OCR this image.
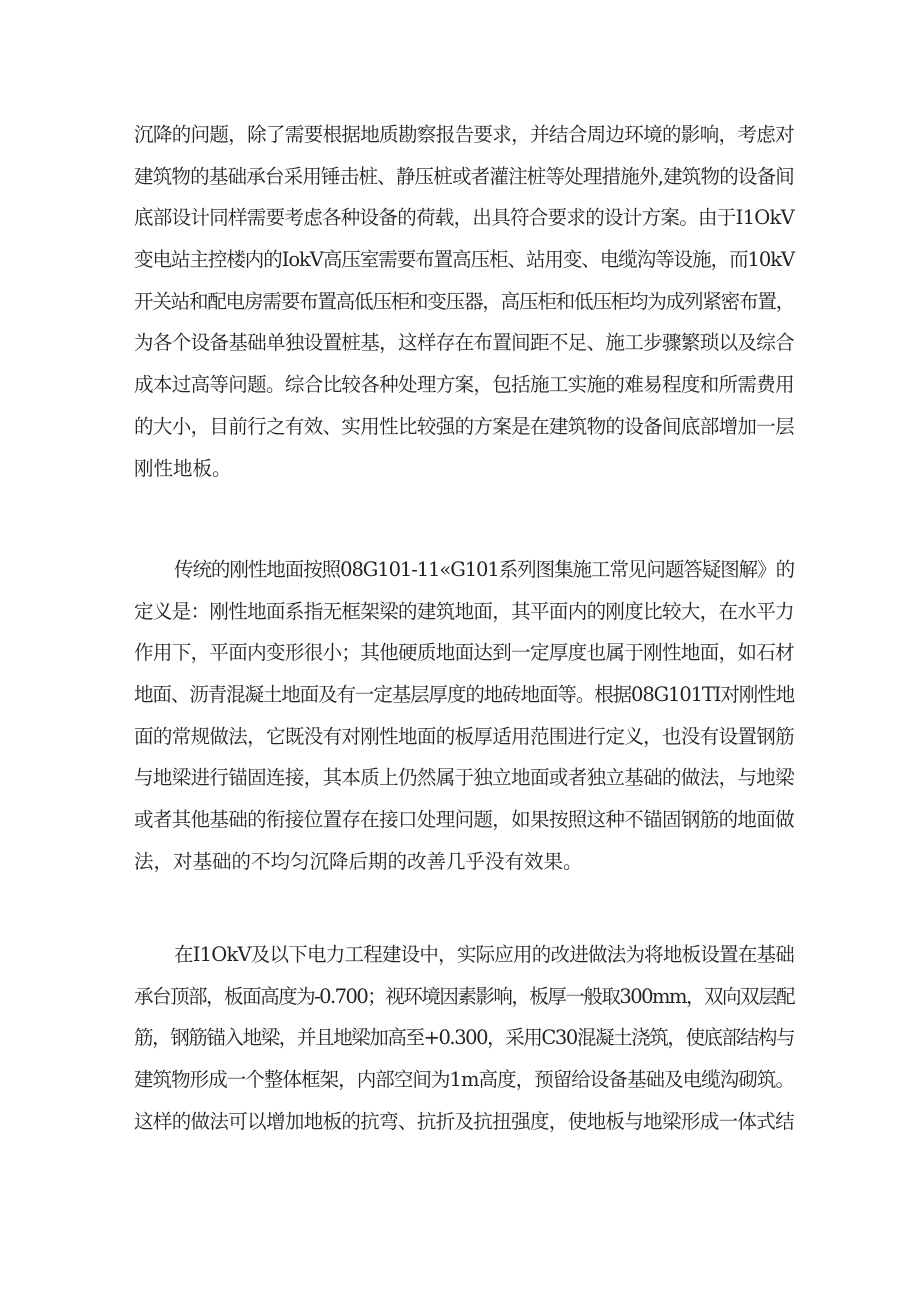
沉降的问题，除了需要根据地质勘察报告要求，并结合周边环境的影响，考虑对
建筑物的基础承台采用锤击桩、静压桩或者灌注桩等处理措施外,建筑物的设备间
底部设计同样需要考虑各种设备的荷载，出具符合要求的设计方案。由于I1OkV
变电站主控楼内的IokV高压室需要布置高压柜、站用变、电缆沟等设施，而10kV
开关站和配电房需要布置高低压柜和变压器，高压柜和低压柜均为成列紧密布置，
为各个设备基础单独设置桩基，这样存在布置间距不足、施工步骤繁琐以及综合
成本过高等问题。综合比较各种处理方案，包括施工实施的难易程度和所需费用
的大小，目前行之有效、实用性比较强的方案是在建筑物的设备间底部增加一层
刚性地板。
传统的刚性地面按照08G101-11«G101系列图集施工常见问题答疑图解》的
定义是：刚性地面系指无框架梁的建筑地面，其平面内的刚度比较大，在水平力
作用下，平面内变形很小；其他硬质地面达到一定厚度也属于刚性地面，如石材
地面、沥青混凝土地面及有一定基层厚度的地砖地面等。根据08G101TI对刚性地
面的常规做法，它既没有对刚性地面的板厚适用范围进行定义，也没有设置钢筋
与地梁进行锚固连接，其本质上仍然属于独立地面或者独立基础的做法，与地梁
或者其他基础的衔接位置存在接口处理问题，如果按照这种不锚固钢筋的地面做
法，对基础的不均匀沉降后期的改善几乎没有效果。
在I1OkV及以下电力工程建设中，实际应用的改进做法为将地板设置在基础
承台顶部，板面高度为-0.700；视环境因素影响，板厚一般取300mm，双向双层配
筋，钢筋锚入地梁，并且地梁加高至+0.300，采用C30混凝土浇筑，使底部结构与
建筑物形成一个整体框架，内部空间为1m高度，预留给设备基础及电缆沟砌筑。
这样的做法可以增加地板的抗弯、抗折及抗扭强度，使地板与地梁形成一体式结
